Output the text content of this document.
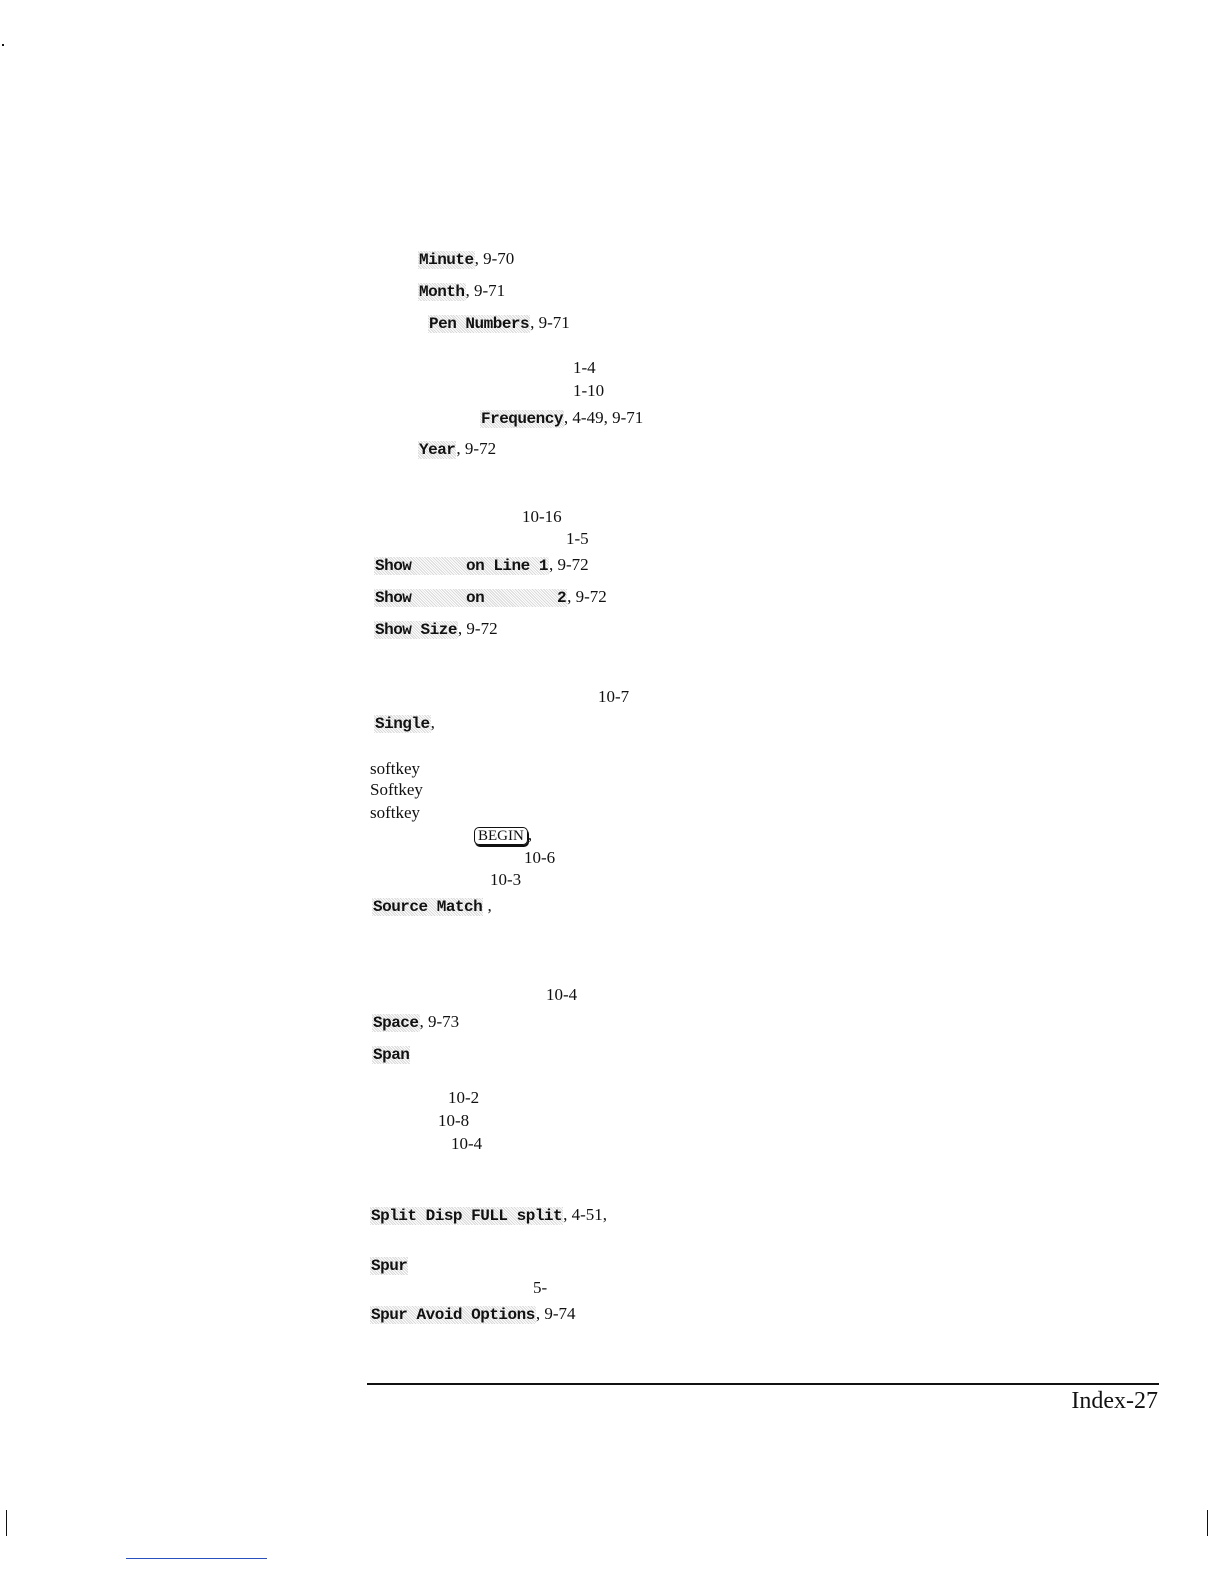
Minute, 9-70
Month, 9-71
Pen Numbers, 9-71
1-4
1-10
Frequency, 4-49, 9-71
Year, 9-72
10-16
1-5
Show      on Line 1, 9-72
Show      on        2, 9-72
Show Size, 9-72
10-7
Single,
softkey
Softkey
softkey
BEGIN ,
10-6
10-3
Source Match ,
10-4
Space, 9-73
Span
10-2
10-8
10-4
Split Disp FULL split, 4-51,
Spur
5-
Spur Avoid Options, 9-74
Index-27
